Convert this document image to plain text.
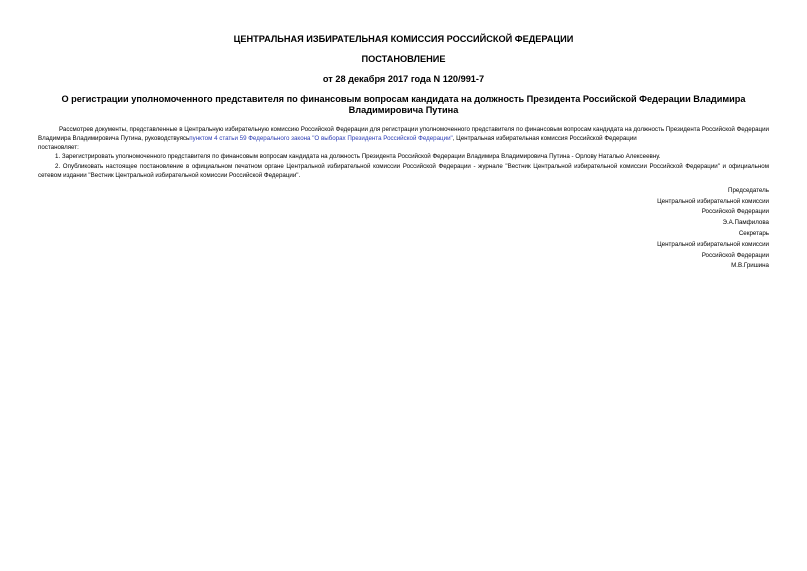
ЦЕНТРАЛЬНАЯ ИЗБИРАТЕЛЬНАЯ КОМИССИЯ РОССИЙСКОЙ ФЕДЕРАЦИИ

ПОСТАНОВЛЕНИЕ

от 28 декабря 2017 года N 120/991-7

О регистрации уполномоченного представителя по финансовым вопросам кандидата на должность Президента Российской Федерации Владимира Владимировича Путина

Рассмотрев документы, представленные в Центральную избирательную комиссию Российской Федерации для регистрации уполномоченного представителя по финансовым вопросам кандидата на должность Президента Российской Федерации Владимира Владимировича Путина, руководствуясьпунктом 4 статьи 59 Федерального закона "О выборах Президента Российской Федерации", Центральная избирательная комиссия Российской Федерации

постановляет:

1. Зарегистрировать уполномоченного представителя по финансовым вопросам кандидата на должность Президента Российской Федерации Владимира Владимировича Путина - Орлову Наталью Алексеевну.

2. Опубликовать настоящее постановление в официальном печатном органе Центральной избирательной комиссии Российской Федерации - журнале "Вестник Центральной избирательной комиссии Российской Федерации" и официальном сетевом издании "Вестник Центральной избирательной комиссии Российской Федерации".

Председатель
Центральной избирательной комиссии
Российской Федерации
Э.А.Памфилова
Секретарь
Центральной избирательной комиссии
Российской Федерации
М.В.Гришина
